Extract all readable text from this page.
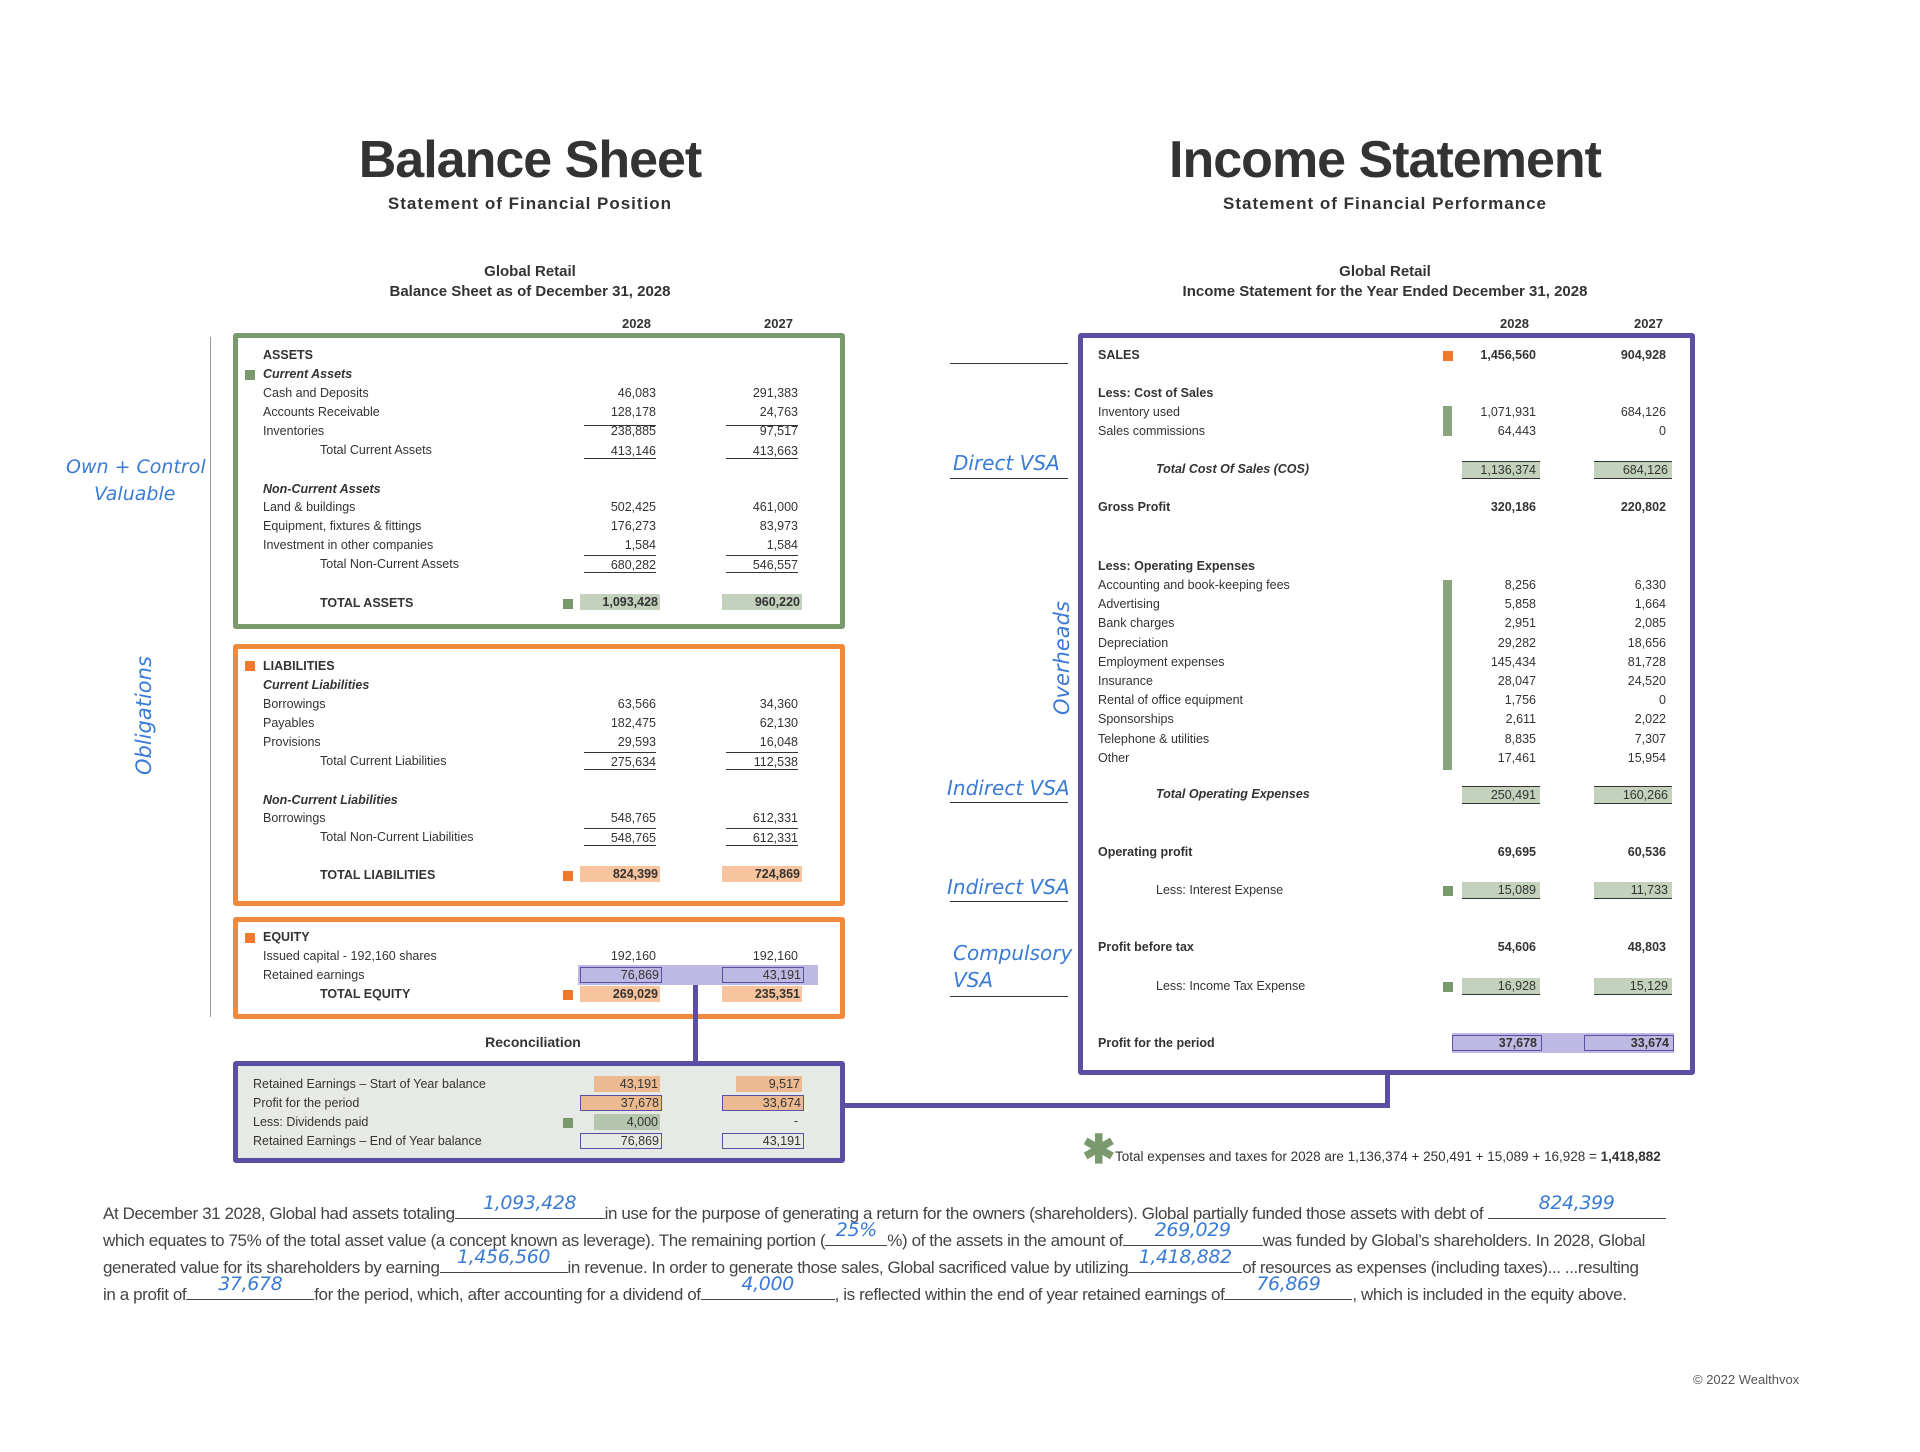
Balance Sheet
Statement of Financial Position
Income Statement
Statement of Financial Performance
Global Retail
Balance Sheet as of December 31, 2028
2028	2027
ASSETS
Current Assets
Cash and Deposits	46,083	291,383
Accounts Receivable	128,178	24,763
Inventories	238,885	97,517
Total Current Assets	413,146	413,663
Non-Current Assets
Land & buildings	502,425	461,000
Equipment, fixtures & fittings	176,273	83,973
Investment in other companies	1,584	1,584
Total Non-Current Assets	680,282	546,557
TOTAL ASSETS	1,093,428	960,220
LIABILITIES
Current Liabilities
Borrowings	63,566	34,360
Payables	182,475	62,130
Provisions	29,593	16,048
Total Current Liabilities	275,634	112,538
Non-Current Liabilities
Borrowings	548,765	612,331
Total Non-Current Liabilities	548,765	612,331
TOTAL LIABILITIES	824,399	724,869
EQUITY
Issued capital - 192,160 shares	192,160	192,160
Retained earnings	76,869	43,191
TOTAL EQUITY	269,029	235,351
Reconciliation
Retained Earnings – Start of Year balance	43,191	9,517
Profit for the period	37,678	33,674
Less: Dividends paid	4,000	-
Retained Earnings – End of Year balance	76,869	43,191
Global Retail
Income Statement for the Year Ended December 31, 2028
2028	2027
SALES	1,456,560	904,928
Less: Cost of Sales
Inventory used	1,071,931	684,126
Sales commissions	64,443	0
Total Cost Of Sales (COS)	1,136,374	684,126
Gross Profit	320,186	220,802
Less: Operating Expenses
Accounting and book-keeping fees	8,256	6,330
Advertising	5,858	1,664
Bank charges	2,951	2,085
Depreciation	29,282	18,656
Employment expenses	145,434	81,728
Insurance	28,047	24,520
Rental of office equipment	1,756	0
Sponsorships	2,611	2,022
Telephone & utilities	8,835	7,307
Other	17,461	15,954
Total Operating Expenses	250,491	160,266
Operating profit	69,695	60,536
Less: Interest Expense	15,089	11,733
Profit before tax	54,606	48,803
Less: Income Tax Expense	16,928	15,129
Profit for the period	37,678	33,674
✱ Total expenses and taxes for 2028 are 1,136,374 + 250,491 + 15,089 + 16,928 = 1,418,882
Own + Control
Valuable
Obligations	Overheads
Direct VSA
Indirect VSA
Indirect VSA
Compulsory
VSA
At December 31 2028, Global had assets totaling	1,093,428	in use for the purpose of generating a return for the owners (shareholders). Global partially funded those assets with debt of	824,399
which equates to 75% of the total asset value (a concept known as leverage). The remaining portion ( 25% %) of the assets in the amount of	269,029	was funded by Global’s shareholders. In 2028, Global
generated value for its shareholders by earning 1,456,560	in revenue. In order to generate those sales, Global sacrificed value by utilizing 1,418,882 of resources as expenses (including taxes)... ...resulting
in a profit of	37,678	for the period, which, after accounting for a dividend of	4,000	, is reflected within the end of year retained earnings of	76,869	, which is included in the equity above.
© 2022 Wealthvox
